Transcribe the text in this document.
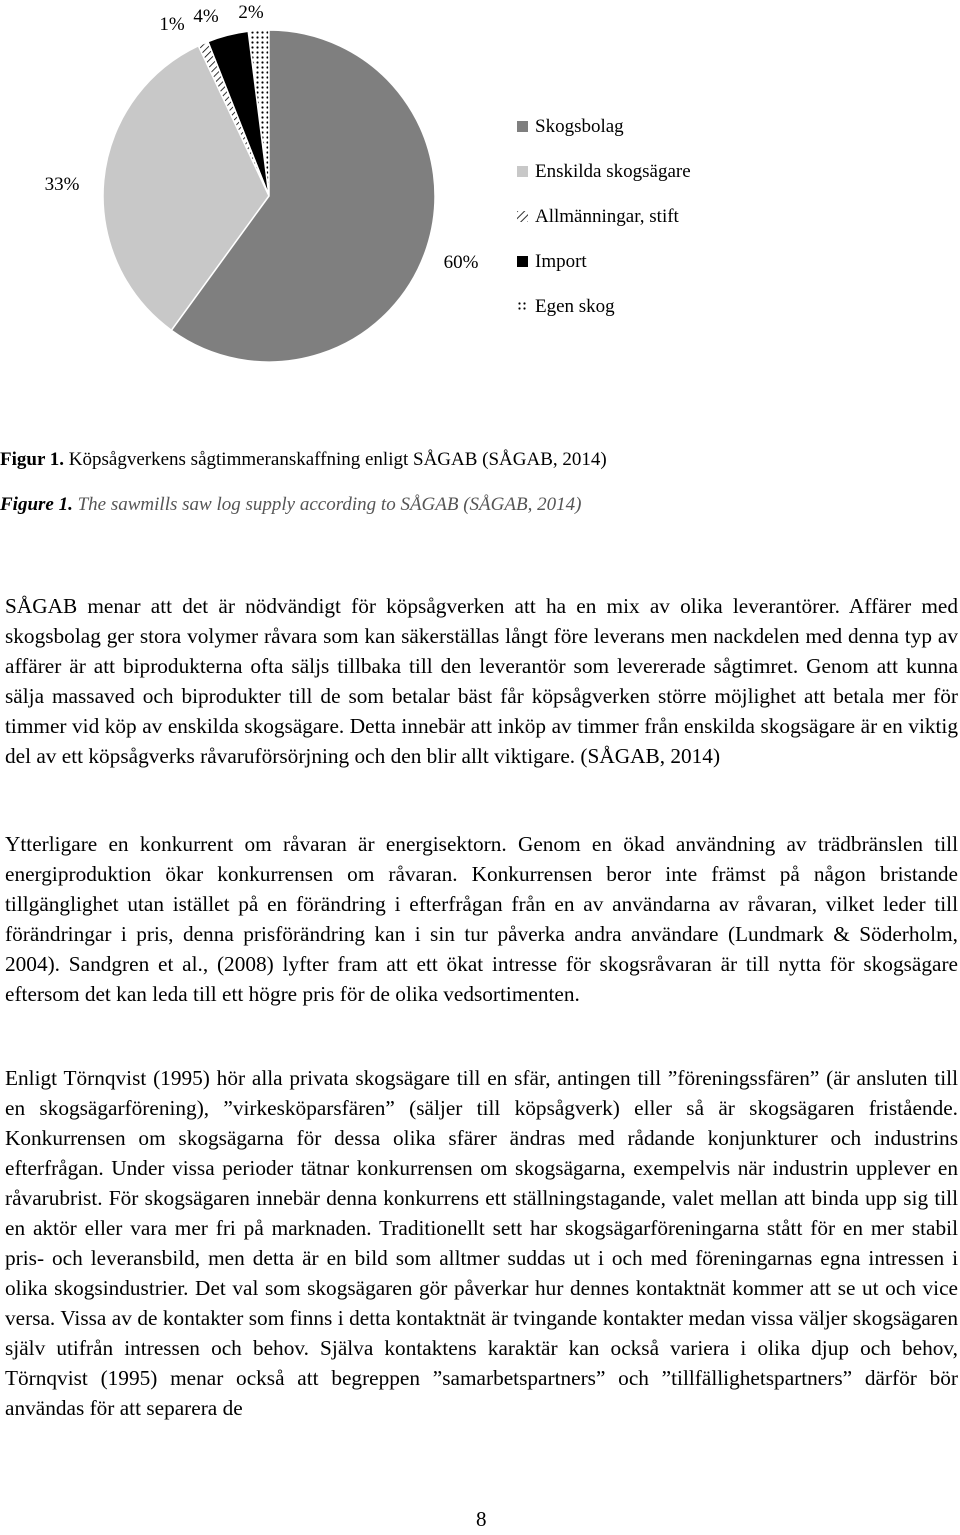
60%
33%
1% 4% 2%
Skogsbolag
Enskilda skogsägare
Allmänningar, stift
Import
Egen skog
Figur 1. Köpsågverkens sågtimmeranskaffning enligt SÅGAB (SÅGAB, 2014)
Figure 1. The sawmills saw log supply according to SÅGAB (SÅGAB, 2014)

SÅGAB menar att det är nödvändigt för köpsågverken att ha en mix av olika leverantörer. Affärer med skogsbolag ger stora volymer råvara som kan säkerställas långt före leverans men nackdelen med denna typ av affärer är att biprodukterna ofta säljs tillbaka till den leverantör som levererade sågtimret. Genom att kunna sälja massaved och biprodukter till de som betalar bäst får köpsågverken större möjlighet att betala mer för timmer vid köp av enskilda skogsägare. Detta innebär att inköp av timmer från enskilda skogsägare är en viktig del av ett köpsågverks råvaruförsörjning och den blir allt viktigare. (SÅGAB, 2014)

Ytterligare en konkurrent om råvaran är energisektorn. Genom en ökad användning av trädbränslen till energiproduktion ökar konkurrensen om råvaran. Konkurrensen beror inte främst på någon bristande tillgänglighet utan istället på en förändring i efterfrågan från en av användarna av råvaran, vilket leder till förändringar i pris, denna prisförändring kan i sin tur påverka andra användare (Lundmark & Söderholm, 2004). Sandgren et al., (2008) lyfter fram att ett ökat intresse för skogsråvaran är till nytta för skogsägare eftersom det kan leda till ett högre pris för de olika vedsortimenten.

Enligt Törnqvist (1995) hör alla privata skogsägare till en sfär, antingen till ”föreningssfären” (är ansluten till en skogsägarförening), ”virkesköparsfären” (säljer till köpsågverk) eller så är skogsägaren fristående. Konkurrensen om skogsägarna för dessa olika sfärer ändras med rådande konjunkturer och industrins efterfrågan. Under vissa perioder tätnar konkurrensen om skogsägarna, exempelvis när industrin upplever en råvarubrist. För skogsägaren innebär denna konkurrens ett ställningstagande, valet mellan att binda upp sig till en aktör eller vara mer fri på marknaden. Traditionellt sett har skogsägarföreningarna stått för en mer stabil pris- och leveransbild, men detta är en bild som alltmer suddas ut i och med föreningarnas egna intressen i olika skogsindustrier. Det val som skogsägaren gör påverkar hur dennes kontaktnät kommer att se ut och vice versa. Vissa av de kontakter som finns i detta kontaktnät är tvingande kontakter medan vissa väljer skogsägaren själv utifrån intressen och behov. Själva kontaktens karaktär kan också variera i olika djup och behov, Törnqvist (1995) menar också att begreppen ”samarbetspartners” och ”tillfällighetspartners” därför bör användas för att separera de

8
